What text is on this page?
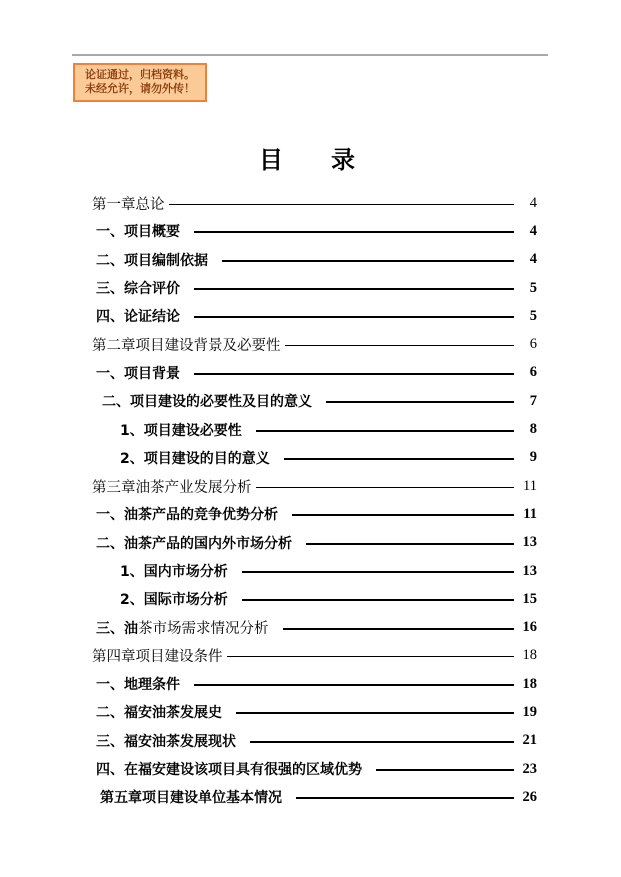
论证通过，归档资料。
未经允许，请勿外传！
目　　录
第一章总论	4
一、项目概要	4
二、项目编制依据	4
三、综合评价	5
四、论证结论	5
第二章项目建设背景及必要性	6
一、项目背景	6
二、项目建设的必要性及目的意义	7
1、项目建设必要性	8
2、项目建设的目的意义	9
第三章油茶产业发展分析	11
一、油茶产品的竞争优势分析	11
二、油茶产品的国内外市场分析	13
1、国内市场分析	13
2、国际市场分析	15
三、油 茶市场需求情况分析	16
第四章项目建设条件	18
一、地理条件	18
二、福安油茶发展史	19
三、福安油茶发展现状	21
四、在福安建设该项目具有很强的区域优势	23
第五章项目建设单位基本情况	26
